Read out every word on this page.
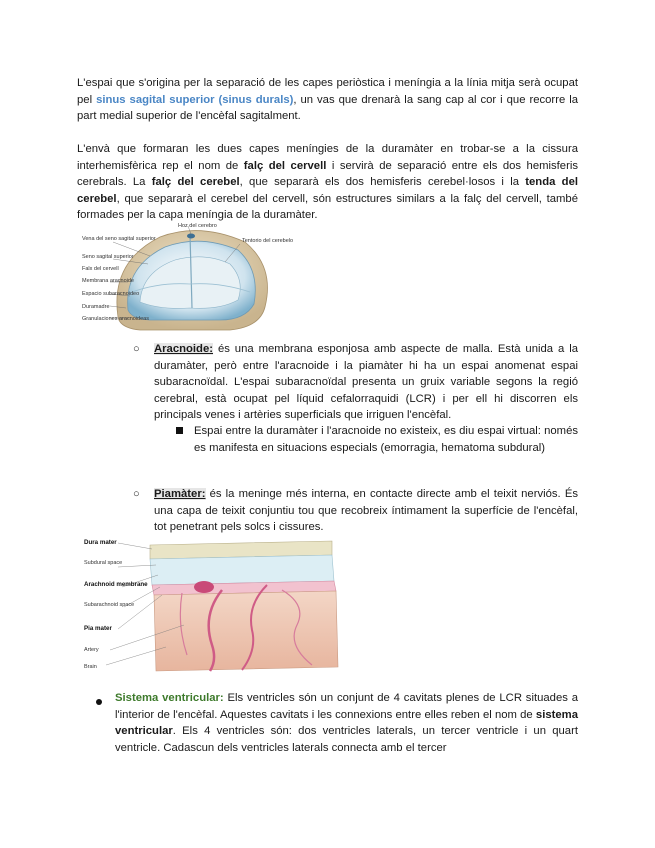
L'espai que s'origina per la separació de les capes periòstica i meníngia a la línia mitja serà ocupat pel sinus sagital superior (sinus durals), un vas que drenarà la sang cap al cor i que recorre la part medial superior de l'encèfal sagitalment.
L'envà que formaran les dues capes meníngies de la duramàter en trobar-se a la cissura interhemisfèrica rep el nom de falç del cervell i servirà de separació entre els dos hemisferis cerebrals. La falç del cerebel, que separarà els dos hemisferis cerebel·losos i la tenda del cerebel, que separarà el cerebel del cervell, són estructures similars a la falç del cervell, també formades per la capa meníngia de la duramàter.
Vena del seno sagital superior
Seno sagital superior
Falx del cervell
Membrana aracnoide
Espacio subaracnoideo
Duramadre
Granulaciones aracnoideas
Hoz del cerebro
Tentorio del cerebelo
○ Aracnoide: és una membrana esponjosa amb aspecte de malla. Està unida a la duramàter, però entre l'aracnoide i la piamàter hi ha un espai anomenat espai subaracnoïdal. L'espai subaracnoïdal presenta un gruix variable segons la regió cerebral, està ocupat pel líquid cefalorraquidi (LCR) i per ell hi discorren els principals venes i artèries superficials que irriguen l'encèfal.
Espai entre la duramàter i l'aracnoide no existeix, es diu espai virtual: només es manifesta en situacions especials (emorragia, hematoma subdural)
○ Piamàter: és la meninge més interna, en contacte directe amb el teixit nerviós. És una capa de teixit conjuntiu tou que recobreix íntimament la superfície de l'encèfal, tot penetrant pels solcs i cissures.
Dura mater
Subdural space
Arachnoid membrane
Subarachnoid space
Pia mater
Artery
Brain
Sistema ventricular: Els ventricles són un conjunt de 4 cavitats plenes de LCR situades a l'interior de l'encèfal. Aquestes cavitats i les connexions entre elles reben el nom de sistema ventricular. Els 4 ventricles són: dos ventricles laterals, un tercer ventricle i un quart ventricle. Cadascun dels ventricles laterals connecta amb el tercer
